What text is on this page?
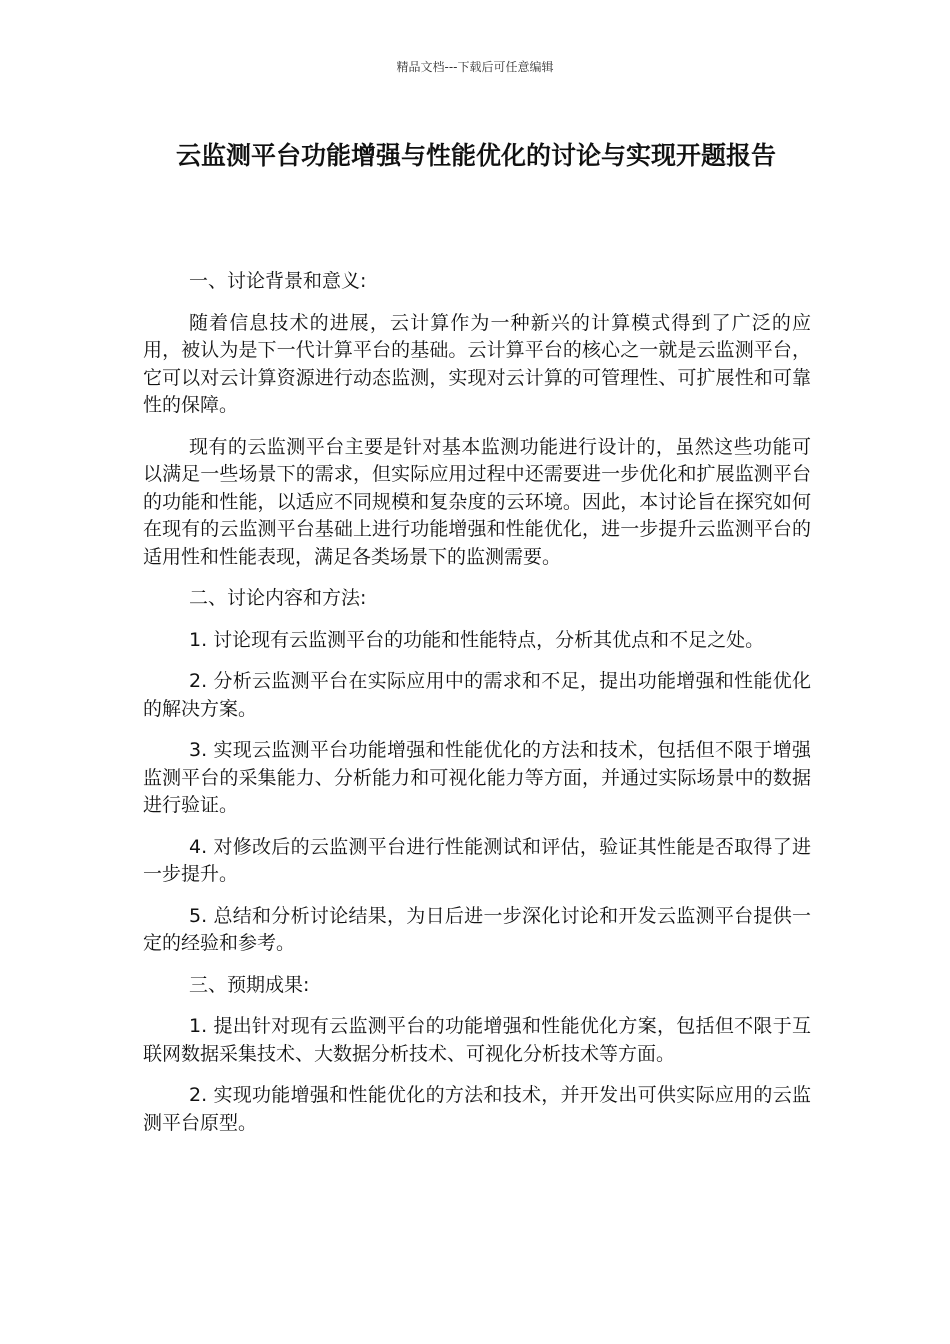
精品文档---下载后可任意编辑
云监测平台功能增强与性能优化的讨论与实现开题报告

一、讨论背景和意义:

随着信息技术的进展，云计算作为一种新兴的计算模式得到了广泛的应用，被认为是下一代计算平台的基础。云计算平台的核心之一就是云监测平台，它可以对云计算资源进行动态监测，实现对云计算的可管理性、可扩展性和可靠性的保障。

现有的云监测平台主要是针对基本监测功能进行设计的，虽然这些功能可以满足一些场景下的需求，但实际应用过程中还需要进一步优化和扩展监测平台的功能和性能，以适应不同规模和复杂度的云环境。因此，本讨论旨在探究如何在现有的云监测平台基础上进行功能增强和性能优化，进一步提升云监测平台的适用性和性能表现，满足各类场景下的监测需要。

二、讨论内容和方法:

1. 讨论现有云监测平台的功能和性能特点，分析其优点和不足之处。

2. 分析云监测平台在实际应用中的需求和不足，提出功能增强和性能优化的解决方案。

3. 实现云监测平台功能增强和性能优化的方法和技术，包括但不限于增强监测平台的采集能力、分析能力和可视化能力等方面，并通过实际场景中的数据进行验证。

4. 对修改后的云监测平台进行性能测试和评估，验证其性能是否取得了进一步提升。

5. 总结和分析讨论结果，为日后进一步深化讨论和开发云监测平台提供一定的经验和参考。

三、预期成果:

1. 提出针对现有云监测平台的功能增强和性能优化方案，包括但不限于互联网数据采集技术、大数据分析技术、可视化分析技术等方面。

2. 实现功能增强和性能优化的方法和技术，并开发出可供实际应用的云监测平台原型。
